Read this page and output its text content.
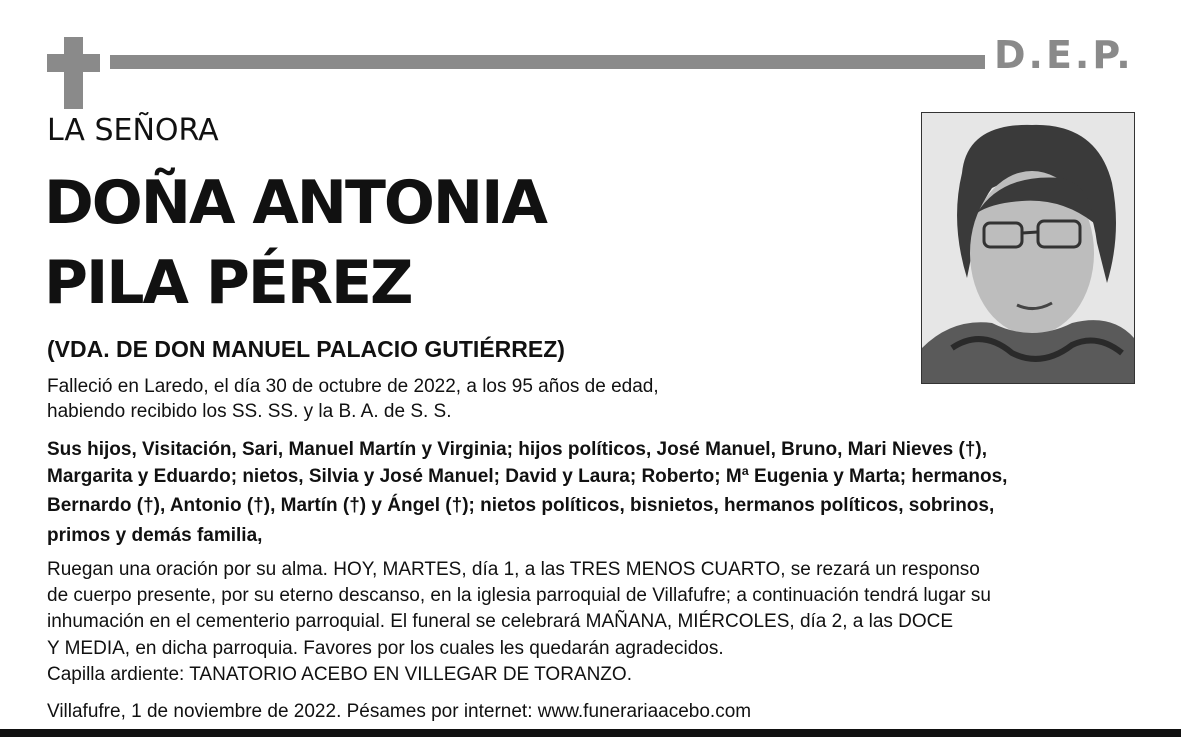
D.E.P.
LA SEÑORA
DOÑA ANTONIA
PILA PÉREZ
(VDA. DE DON MANUEL PALACIO GUTIÉRREZ)
Falleció en Laredo, el día 30 de octubre de 2022, a los 95 años de edad,
habiendo recibido los SS. SS. y la B. A. de S. S.
Sus hijos, Visitación, Sari, Manuel Martín y Virginia; hijos políticos, José Manuel, Bruno, Mari Nieves (†),
Margarita y Eduardo; nietos, Silvia y José Manuel; David y Laura; Roberto; Mª Eugenia y Marta; hermanos,
Bernardo (†), Antonio (†), Martín (†) y Ángel (†); nietos políticos, bisnietos, hermanos políticos, sobrinos,
primos y demás familia,
Ruegan una oración por su alma. HOY, MARTES, día 1, a las TRES MENOS CUARTO, se rezará un responso
de cuerpo presente, por su eterno descanso, en la iglesia parroquial de Villafufre; a continuación tendrá lugar su
inhumación en el cementerio parroquial. El funeral se celebrará MAÑANA, MIÉRCOLES, día 2, a las DOCE
Y MEDIA, en dicha parroquia. Favores por los cuales les quedarán agradecidos.
Capilla ardiente: TANATORIO ACEBO EN VILLEGAR DE TORANZO.
Villafufre, 1 de noviembre de 2022. Pésames por internet: www.funerariaacebo.com
